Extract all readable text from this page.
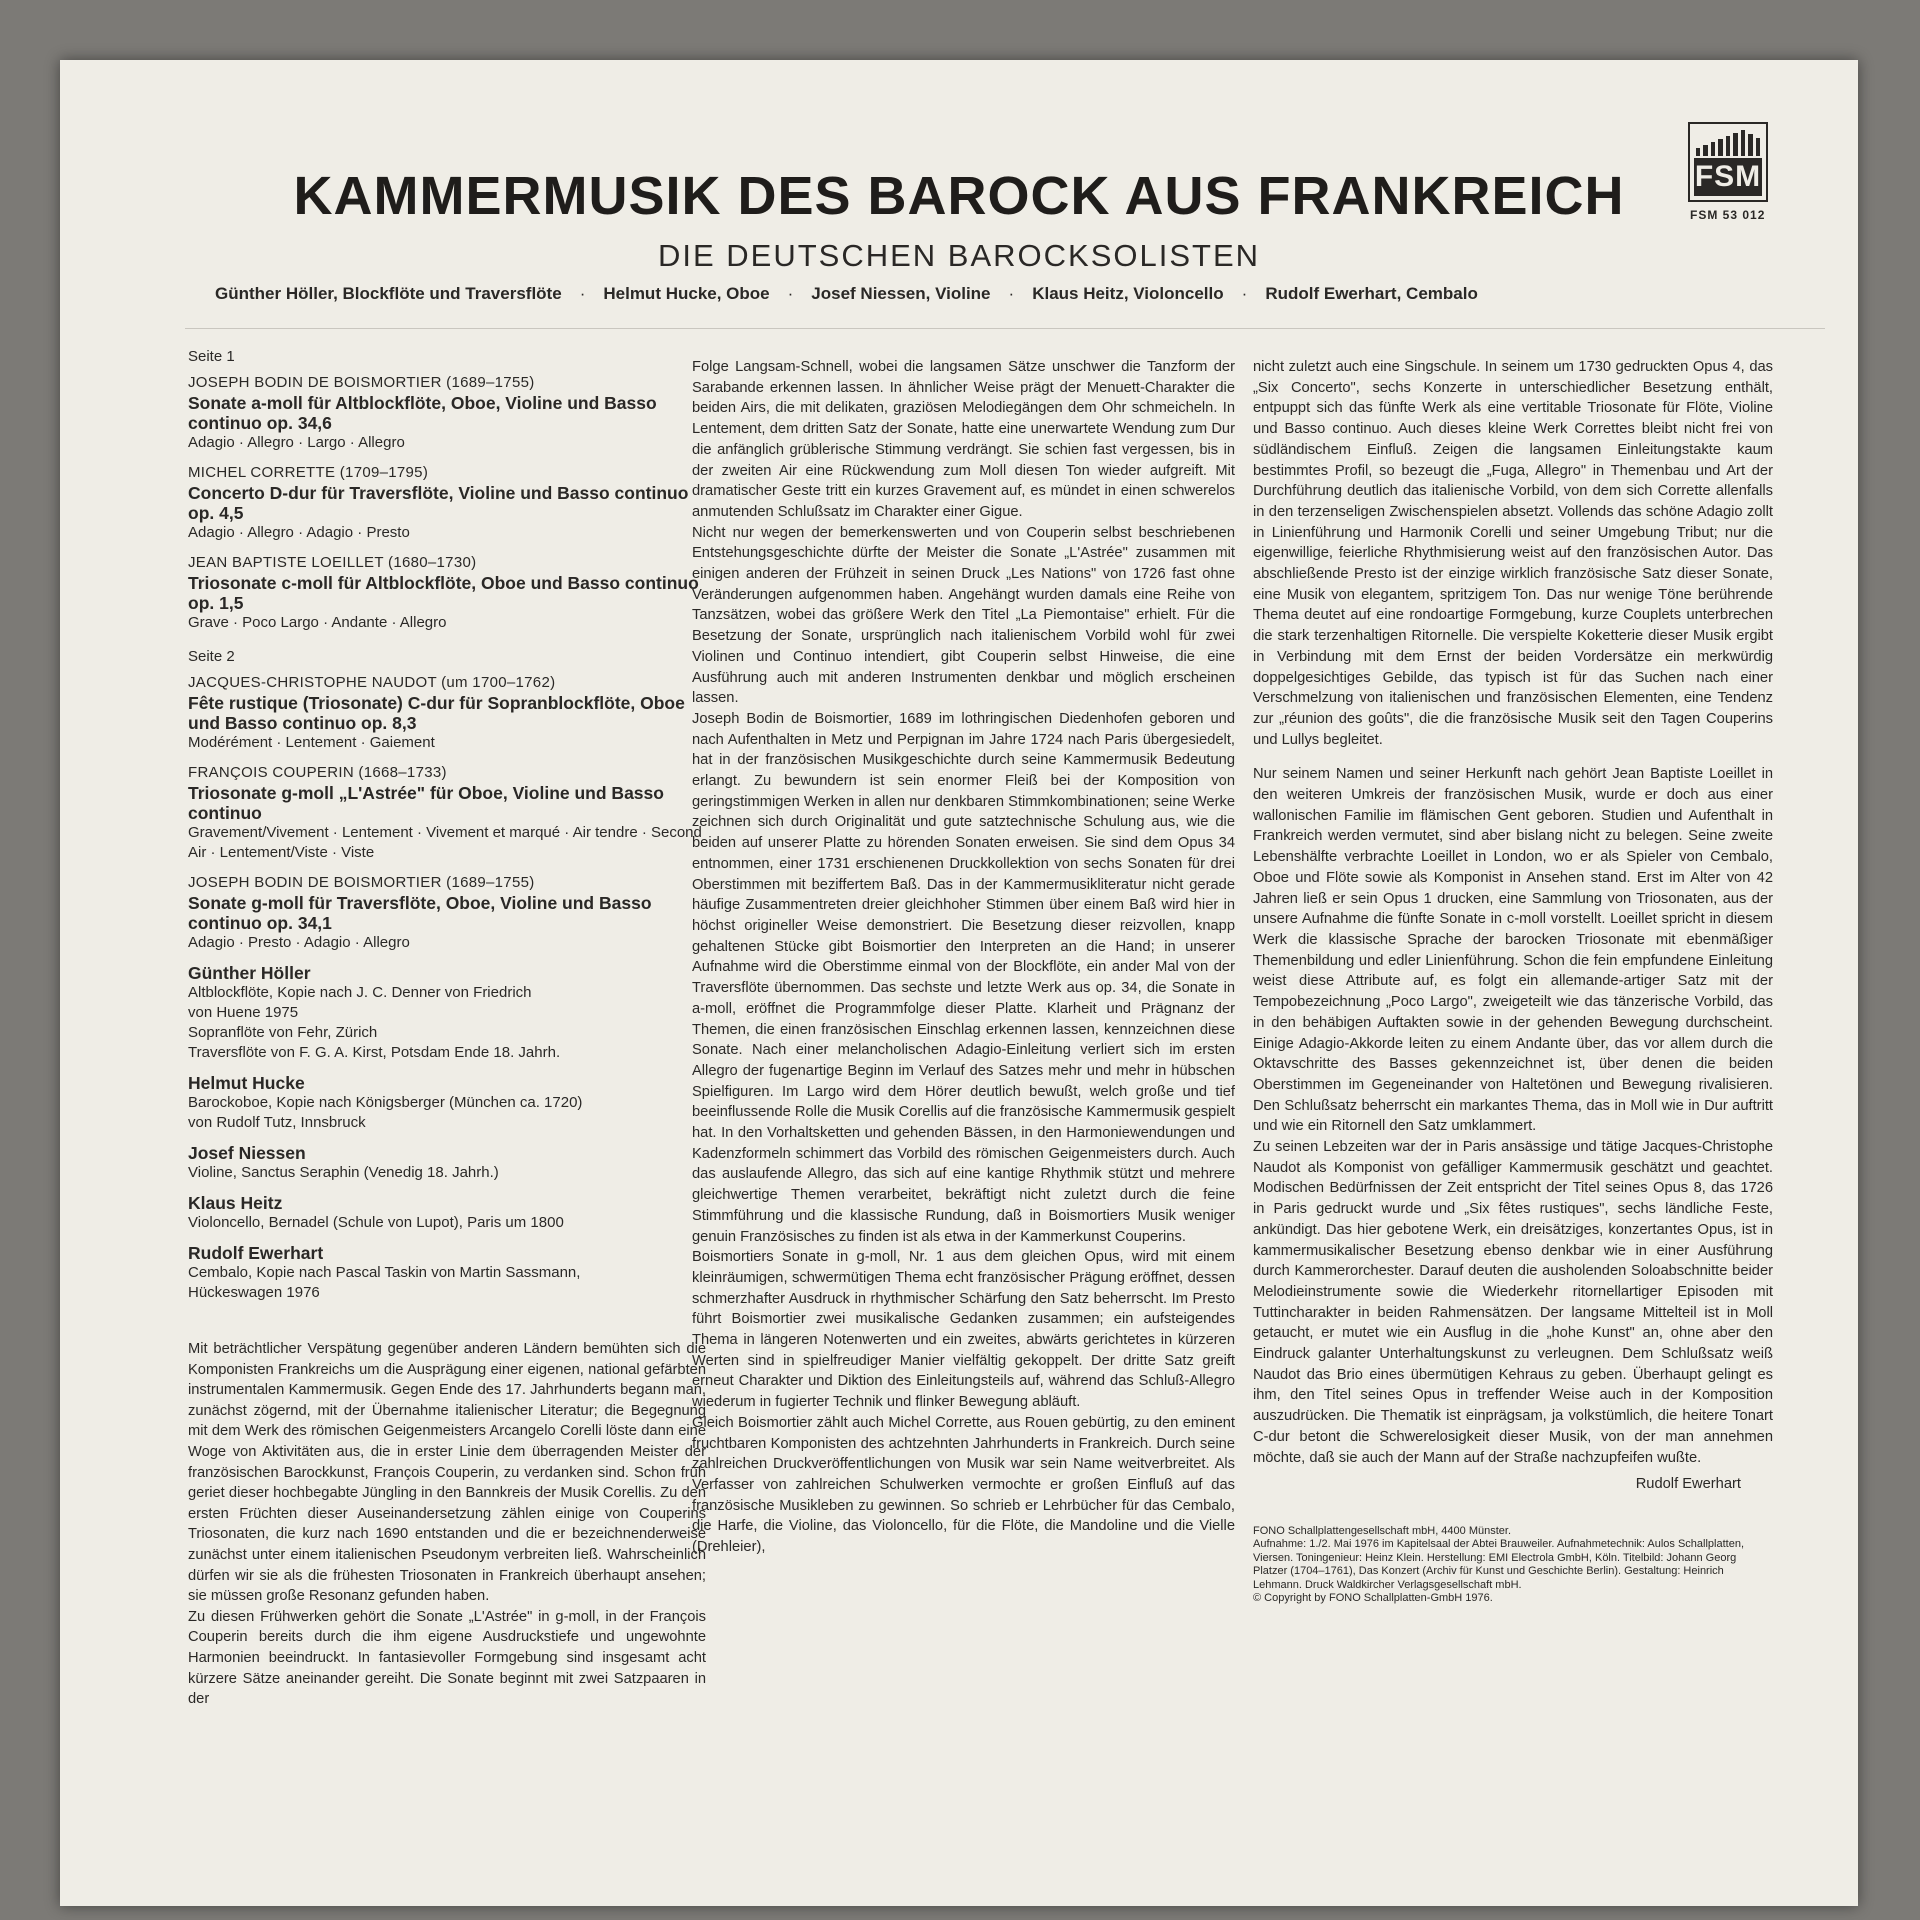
FSM
FSM 53 012
KAMMERMUSIK DES BAROCK AUS FRANKREICH
DIE DEUTSCHEN BAROCKSOLISTEN
Günther Höller, Blockflöte und Traversflöte · Helmut Hucke, Oboe · Josef Niessen, Violine · Klaus Heitz, Violoncello · Rudolf Ewerhart, Cembalo
Seite 1
JOSEPH BODIN DE BOISMORTIER (1689–1755)
Sonate a-moll für Altblockflöte, Oboe, Violine und Basso continuo op. 34,6
Adagio · Allegro · Largo · Allegro
MICHEL CORRETTE (1709–1795)
Concerto D-dur für Traversflöte, Violine und Basso continuo op. 4,5
Adagio · Allegro · Adagio · Presto
JEAN BAPTISTE LOEILLET (1680–1730)
Triosonate c-moll für Altblockflöte, Oboe und Basso continuo op. 1,5
Grave · Poco Largo · Andante · Allegro
Seite 2
JACQUES-CHRISTOPHE NAUDOT (um 1700–1762)
Fête rustique (Triosonate) C-dur für Sopranblockflöte, Oboe und Basso continuo op. 8,3
Modérément · Lentement · Gaiement
FRANÇOIS COUPERIN (1668–1733)
Triosonate g-moll „L'Astrée" für Oboe, Violine und Basso continuo
Gravement/Vivement · Lentement · Vivement et marqué · Air tendre · Second Air · Lentement/Viste · Viste
JOSEPH BODIN DE BOISMORTIER (1689–1755)
Sonate g-moll für Traversflöte, Oboe, Violine und Basso continuo op. 34,1
Adagio · Presto · Adagio · Allegro
Günther Höller
Altblockflöte, Kopie nach J. C. Denner von Friedrich
von Huene 1975
Sopranflöte von Fehr, Zürich
Traversflöte von F. G. A. Kirst, Potsdam Ende 18. Jahrh.
Helmut Hucke
Barockoboe, Kopie nach Königsberger (München ca. 1720)
von Rudolf Tutz, Innsbruck
Josef Niessen
Violine, Sanctus Seraphin (Venedig 18. Jahrh.)
Klaus Heitz
Violoncello, Bernadel (Schule von Lupot), Paris um 1800
Rudolf Ewerhart
Cembalo, Kopie nach Pascal Taskin von Martin Sassmann,
Hückeswagen 1976

Mit beträchtlicher Verspätung gegenüber anderen Ländern bemühten sich die Komponisten Frankreichs um die Ausprägung einer eigenen, national gefärbten instrumentalen Kammermusik. Gegen Ende des 17. Jahrhunderts begann man, zunächst zögernd, mit der Übernahme italienischer Literatur; die Begegnung mit dem Werk des römischen Geigenmeisters Arcangelo Corelli löste dann eine Woge von Aktivitäten aus, die in erster Linie dem überragenden Meister der französischen Barockkunst, François Couperin, zu verdanken sind. Schon früh geriet dieser hochbegabte Jüngling in den Bannkreis der Musik Corellis. Zu den ersten Früchten dieser Auseinandersetzung zählen einige von Couperins Triosonaten, die kurz nach 1690 entstanden und die er bezeichnenderweise zunächst unter einem italienischen Pseudonym verbreiten ließ. Wahrscheinlich dürfen wir sie als die frühesten Triosonaten in Frankreich überhaupt ansehen; sie müssen große Resonanz gefunden haben.

Zu diesen Frühwerken gehört die Sonate „L'Astrée" in g-moll, in der François Couperin bereits durch die ihm eigene Ausdruckstiefe und ungewohnte Harmonien beeindruckt. In fantasievoller Formgebung sind insgesamt acht kürzere Sätze aneinander gereiht. Die Sonate beginnt mit zwei Satzpaaren in der

Folge Langsam-Schnell, wobei die langsamen Sätze unschwer die Tanzform der Sarabande erkennen lassen. In ähnlicher Weise prägt der Menuett-Charakter die beiden Airs, die mit delikaten, graziösen Melodiegängen dem Ohr schmeicheln. In Lentement, dem dritten Satz der Sonate, hatte eine unerwartete Wendung zum Dur die anfänglich grüblerische Stimmung verdrängt. Sie schien fast vergessen, bis in der zweiten Air eine Rückwendung zum Moll diesen Ton wieder aufgreift. Mit dramatischer Geste tritt ein kurzes Gravement auf, es mündet in einen schwerelos anmutenden Schlußsatz im Charakter einer Gigue.

Nicht nur wegen der bemerkenswerten und von Couperin selbst beschriebenen Entstehungsgeschichte dürfte der Meister die Sonate „L'Astrée" zusammen mit einigen anderen der Frühzeit in seinen Druck „Les Nations" von 1726 fast ohne Veränderungen aufgenommen haben. Angehängt wurden damals eine Reihe von Tanzsätzen, wobei das größere Werk den Titel „La Piemontaise" erhielt. Für die Besetzung der Sonate, ursprünglich nach italienischem Vorbild wohl für zwei Violinen und Continuo intendiert, gibt Couperin selbst Hinweise, die eine Ausführung auch mit anderen Instrumenten denkbar und möglich erscheinen lassen.

Joseph Bodin de Boismortier, 1689 im lothringischen Diedenhofen geboren und nach Aufenthalten in Metz und Perpignan im Jahre 1724 nach Paris übergesiedelt, hat in der französischen Musikgeschichte durch seine Kammermusik Bedeutung erlangt. Zu bewundern ist sein enormer Fleiß bei der Komposition von geringstimmigen Werken in allen nur denkbaren Stimmkombinationen; seine Werke zeichnen sich durch Originalität und gute satztechnische Schulung aus, wie die beiden auf unserer Platte zu hörenden Sonaten erweisen. Sie sind dem Opus 34 entnommen, einer 1731 erschienenen Druckkollektion von sechs Sonaten für drei Oberstimmen mit beziffertem Baß. Das in der Kammermusikliteratur nicht gerade häufige Zusammentreten dreier gleichhoher Stimmen über einem Baß wird hier in höchst origineller Weise demonstriert. Die Besetzung dieser reizvollen, knapp gehaltenen Stücke gibt Boismortier den Interpreten an die Hand; in unserer Aufnahme wird die Oberstimme einmal von der Blockflöte, ein ander Mal von der Traversflöte übernommen. Das sechste und letzte Werk aus op. 34, die Sonate in a-moll, eröffnet die Programmfolge dieser Platte. Klarheit und Prägnanz der Themen, die einen französischen Einschlag erkennen lassen, kennzeichnen diese Sonate. Nach einer melancholischen Adagio-Einleitung verliert sich im ersten Allegro der fugenartige Beginn im Verlauf des Satzes mehr und mehr in hübschen Spielfiguren. Im Largo wird dem Hörer deutlich bewußt, welch große und tief beeinflussende Rolle die Musik Corellis auf die französische Kammermusik gespielt hat. In den Vorhaltsketten und gehenden Bässen, in den Harmoniewendungen und Kadenzformeln schimmert das Vorbild des römischen Geigenmeisters durch. Auch das auslaufende Allegro, das sich auf eine kantige Rhythmik stützt und mehrere gleichwertige Themen verarbeitet, bekräftigt nicht zuletzt durch die feine Stimmführung und die klassische Rundung, daß in Boismortiers Musik weniger genuin Französisches zu finden ist als etwa in der Kammerkunst Couperins.

Boismortiers Sonate in g-moll, Nr. 1 aus dem gleichen Opus, wird mit einem kleinräumigen, schwermütigen Thema echt französischer Prägung eröffnet, dessen schmerzhafter Ausdruck in rhythmischer Schärfung den Satz beherrscht. Im Presto führt Boismortier zwei musikalische Gedanken zusammen; ein aufsteigendes Thema in längeren Notenwerten und ein zweites, abwärts gerichtetes in kürzeren Werten sind in spielfreudiger Manier vielfältig gekoppelt. Der dritte Satz greift erneut Charakter und Diktion des Einleitungsteils auf, während das Schluß-Allegro wiederum in fugierter Technik und flinker Bewegung abläuft.

Gleich Boismortier zählt auch Michel Corrette, aus Rouen gebürtig, zu den eminent fruchtbaren Komponisten des achtzehnten Jahrhunderts in Frankreich. Durch seine zahlreichen Druckveröffentlichungen von Musik war sein Name weitverbreitet. Als Verfasser von zahlreichen Schulwerken vermochte er großen Einfluß auf das französische Musikleben zu gewinnen. So schrieb er Lehrbücher für das Cembalo, die Harfe, die Violine, das Violoncello, für die Flöte, die Mandoline und die Vielle (Drehleier),

nicht zuletzt auch eine Singschule. In seinem um 1730 gedruckten Opus 4, das „Six Concerto", sechs Konzerte in unterschiedlicher Besetzung enthält, entpuppt sich das fünfte Werk als eine vertitable Triosonate für Flöte, Violine und Basso continuo. Auch dieses kleine Werk Correttes bleibt nicht frei von südländischem Einfluß. Zeigen die langsamen Einleitungstakte kaum bestimmtes Profil, so bezeugt die „Fuga, Allegro" in Themenbau und Art der Durchführung deutlich das italienische Vorbild, von dem sich Corrette allenfalls in den terzenseligen Zwischenspielen absetzt. Vollends das schöne Adagio zollt in Linienführung und Harmonik Corelli und seiner Umgebung Tribut; nur die eigenwillige, feierliche Rhythmisierung weist auf den französischen Autor. Das abschließende Presto ist der einzige wirklich französische Satz dieser Sonate, eine Musik von elegantem, spritzigem Ton. Das nur wenige Töne berührende Thema deutet auf eine rondoartige Formgebung, kurze Couplets unterbrechen die stark terzenhaltigen Ritornelle. Die verspielte Koketterie dieser Musik ergibt in Verbindung mit dem Ernst der beiden Vordersätze ein merkwürdig doppelgesichtiges Gebilde, das typisch ist für das Suchen nach einer Verschmelzung von italienischen und französischen Elementen, eine Tendenz zur „réunion des goûts", die die französische Musik seit den Tagen Couperins und Lullys begleitet.

Nur seinem Namen und seiner Herkunft nach gehört Jean Baptiste Loeillet in den weiteren Umkreis der französischen Musik, wurde er doch aus einer wallonischen Familie im flämischen Gent geboren. Studien und Aufenthalt in Frankreich werden vermutet, sind aber bislang nicht zu belegen. Seine zweite Lebenshälfte verbrachte Loeillet in London, wo er als Spieler von Cembalo, Oboe und Flöte sowie als Komponist in Ansehen stand. Erst im Alter von 42 Jahren ließ er sein Opus 1 drucken, eine Sammlung von Triosonaten, aus der unsere Aufnahme die fünfte Sonate in c-moll vorstellt. Loeillet spricht in diesem Werk die klassische Sprache der barocken Triosonate mit ebenmäßiger Themenbildung und edler Linienführung. Schon die fein empfundene Einleitung weist diese Attribute auf, es folgt ein allemande-artiger Satz mit der Tempobezeichnung „Poco Largo", zweigeteilt wie das tänzerische Vorbild, das in den behäbigen Auftakten sowie in der gehenden Bewegung durchscheint. Einige Adagio-Akkorde leiten zu einem Andante über, das vor allem durch die Oktavschritte des Basses gekennzeichnet ist, über denen die beiden Oberstimmen im Gegeneinander von Haltetönen und Bewegung rivalisieren. Den Schlußsatz beherrscht ein markantes Thema, das in Moll wie in Dur auftritt und wie ein Ritornell den Satz umklammert.

Zu seinen Lebzeiten war der in Paris ansässige und tätige Jacques-Christophe Naudot als Komponist von gefälliger Kammermusik geschätzt und geachtet. Modischen Bedürfnissen der Zeit entspricht der Titel seines Opus 8, das 1726 in Paris gedruckt wurde und „Six fêtes rustiques", sechs ländliche Feste, ankündigt. Das hier gebotene Werk, ein dreisätziges, konzertantes Opus, ist in kammermusikalischer Besetzung ebenso denkbar wie in einer Ausführung durch Kammerorchester. Darauf deuten die ausholenden Soloabschnitte beider Melodieinstrumente sowie die Wiederkehr ritornellartiger Episoden mit Tuttincharakter in beiden Rahmensätzen. Der langsame Mittelteil ist in Moll getaucht, er mutet wie ein Ausflug in die „hohe Kunst" an, ohne aber den Eindruck galanter Unterhaltungskunst zu verleugnen. Dem Schlußsatz weiß Naudot das Brio eines übermütigen Kehraus zu geben. Überhaupt gelingt es ihm, den Titel seines Opus in treffender Weise auch in der Komposition auszudrücken. Die Thematik ist einprägsam, ja volkstümlich, die heitere Tonart C-dur betont die Schwerelosigkeit dieser Musik, von der man annehmen möchte, daß sie auch der Mann auf der Straße nachzupfeifen wußte.

Rudolf Ewerhart
FONO Schallplattengesellschaft mbH, 4400 Münster.
Aufnahme: 1./2. Mai 1976 im Kapitelsaal der Abtei Brauweiler. Aufnahmetechnik: Aulos Schallplatten, Viersen. Toningenieur: Heinz Klein. Herstellung: EMI Electrola GmbH, Köln. Titelbild: Johann Georg Platzer (1704–1761), Das Konzert (Archiv für Kunst und Geschichte Berlin). Gestaltung: Heinrich Lehmann. Druck Waldkircher Verlagsgesellschaft mbH.
© Copyright by FONO Schallplatten-GmbH 1976.
